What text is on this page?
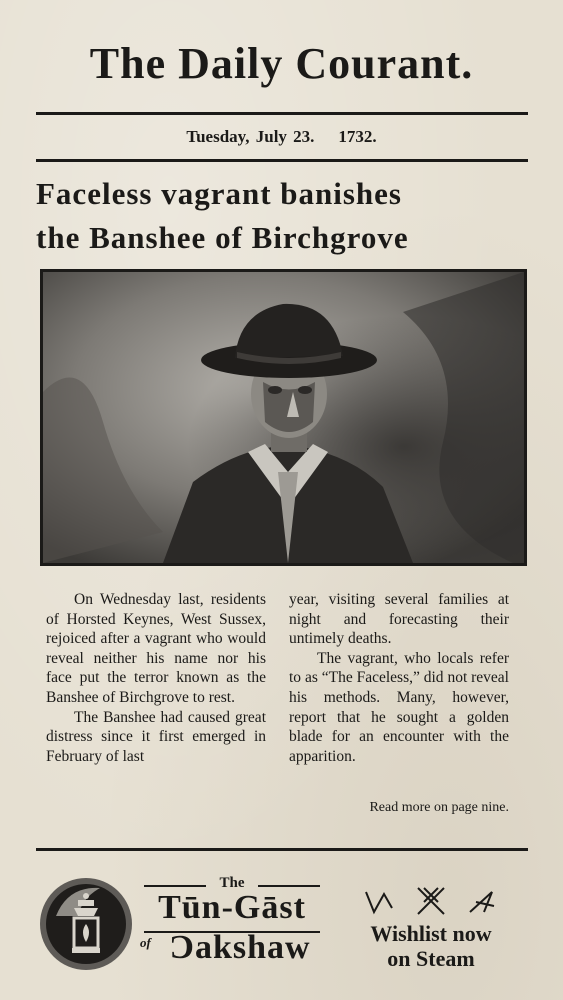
The Daily Courant.
Tuesday, July 23. 1732.
Faceless vagrant banishes
the Banshee of Birchgrove

On Wednesday last, residents of Horsted Keynes, West Sussex, rejoiced after a vagrant who would reveal neither his name nor his face put the terror known as the Banshee of Birchgrove to rest.

The Banshee had caused great distress since it first emerged in February of last

year, visiting several families at night and forecasting their untimely deaths.

The vagrant, who locals refer to as “The Faceless,” did not reveal his methods. Many, however, report that he sought a golden blade for an encounter with the apparition.

Read more on page nine.
The
Tūn-Gāst
of Ɔakshaw	Wishlist now
on Steam
